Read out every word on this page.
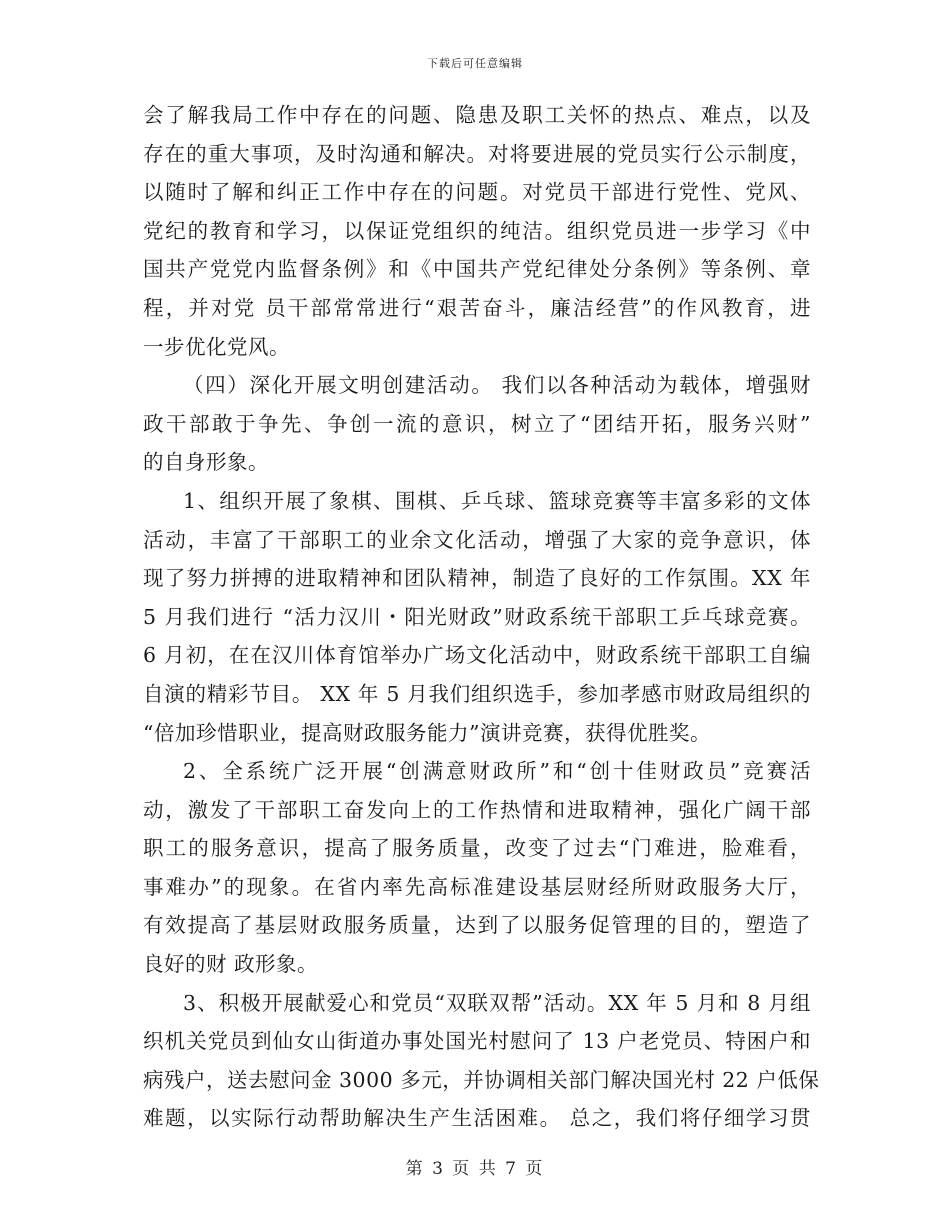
下载后可任意编辑
会了解我局工作中存在的问题、隐患及职工关怀的热点、难点，以及
存在的重大事项，及时沟通和解决。对将要进展的党员实行公示制度，
以随时了解和纠正工作中存在的问题。对党员干部进行党性、党风、
党纪的教育和学习，以保证党组织的纯洁。组织党员进一步学习《中
国共产党党内监督条例》和《中国共产党纪律处分条例》等条例、章
程，并对党 员干部常常进行“艰苦奋斗，廉洁经营”的作风教育，进
一步优化党风。
（四）深化开展文明创建活动。 我们以各种活动为载体，增强财
政干部敢于争先、争创一流的意识，树立了“团结开拓，服务兴财”
的自身形象。
1、组织开展了象棋、围棋、乒乓球、篮球竞赛等丰富多彩的文体
活动，丰富了干部职工的业余文化活动，增强了大家的竞争意识，体
现了努力拼搏的进取精神和团队精神，制造了良好的工作氛围。XX 年
5 月我们进行 “活力汉川・阳光财政”财政系统干部职工乒乓球竞赛。
6 月初，在在汉川体育馆举办广场文化活动中，财政系统干部职工自编
自演的精彩节目。 XX 年 5 月我们组织选手，参加孝感市财政局组织的
“倍加珍惜职业，提高财政服务能力”演讲竞赛，获得优胜奖。
2、全系统广泛开展“创满意财政所”和“创十佳财政员”竞赛活
动，激发了干部职工奋发向上的工作热情和进取精神，强化广阔干部
职工的服务意识，提高了服务质量，改变了过去“门难进，脸难看，
事难办”的现象。在省内率先高标准建设基层财经所财政服务大厅，
有效提高了基层财政服务质量，达到了以服务促管理的目的，塑造了
良好的财 政形象。
3、积极开展献爱心和党员“双联双帮”活动。XX 年 5 月和 8 月组
织机关党员到仙女山街道办事处国光村慰问了 13 户老党员、特困户和
病残户，送去慰问金 3000 多元，并协调相关部门解决国光村 22 户低保
难题，以实际行动帮助解决生产生活困难。 总之，我们将仔细学习贯
第 3 页 共 7 页
